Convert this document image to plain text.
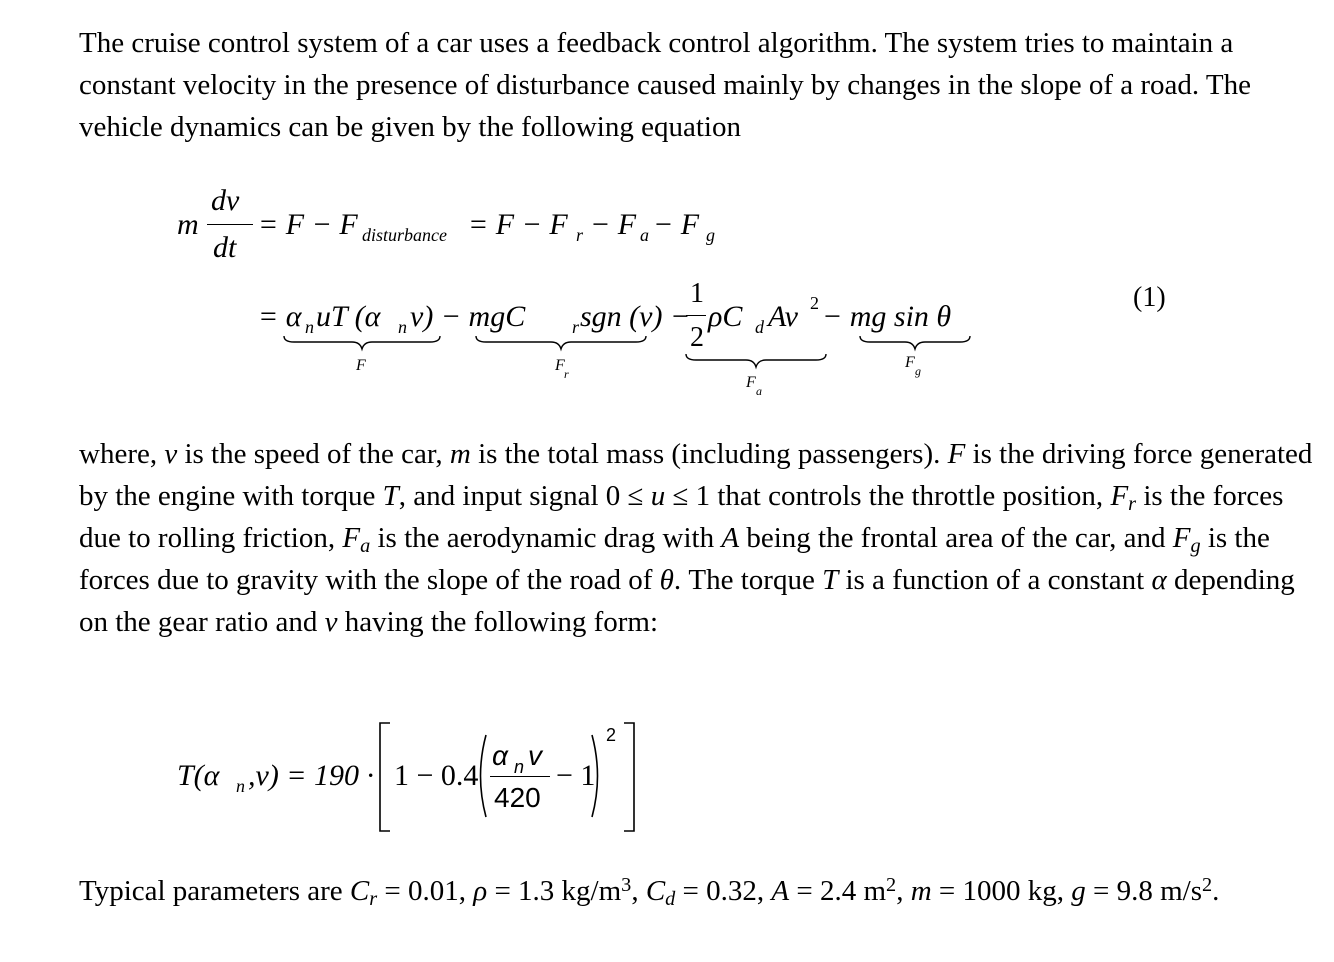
The cruise control system of a car uses a feedback control algorithm. The system tries to maintain a constant velocity in the presence of disturbance caused mainly by changes in the slope of a road. The vehicle dynamics can be given by the following equation
m
dv
dt
= F − F disturbance = F − F r − F a − F g
= α n uT (α n v) − mgC	r sgn (v) −
1
2
ρC d Av 2 − mg sin θ
(1)
F	F r	F a
F g
where, v is the speed of the car, m is the total mass (including passengers). F is the driving force generated by the engine with torque T, and input signal 0 ≤ u ≤ 1 that controls the throttle position, $F_r$ is the forces due to rolling friction, $F_a$ is the aerodynamic drag with A being the frontal area of the car, and $F_g$ is the forces due to gravity with the slope of the road of θ. The torque T is a function of a constant α depending on the gear ratio and v having the following form:
T(α n ,v) = 190 · 1 − 0.4
α n v
420
− 1
2
Typical parameters are $C_r = 0.01$, ρ = 1.3 $kg/m^3$, $C_d = 0.32$, A = 2.4 $m^2$, m = 1000 kg, g = 9.8 $m/s^2$.
